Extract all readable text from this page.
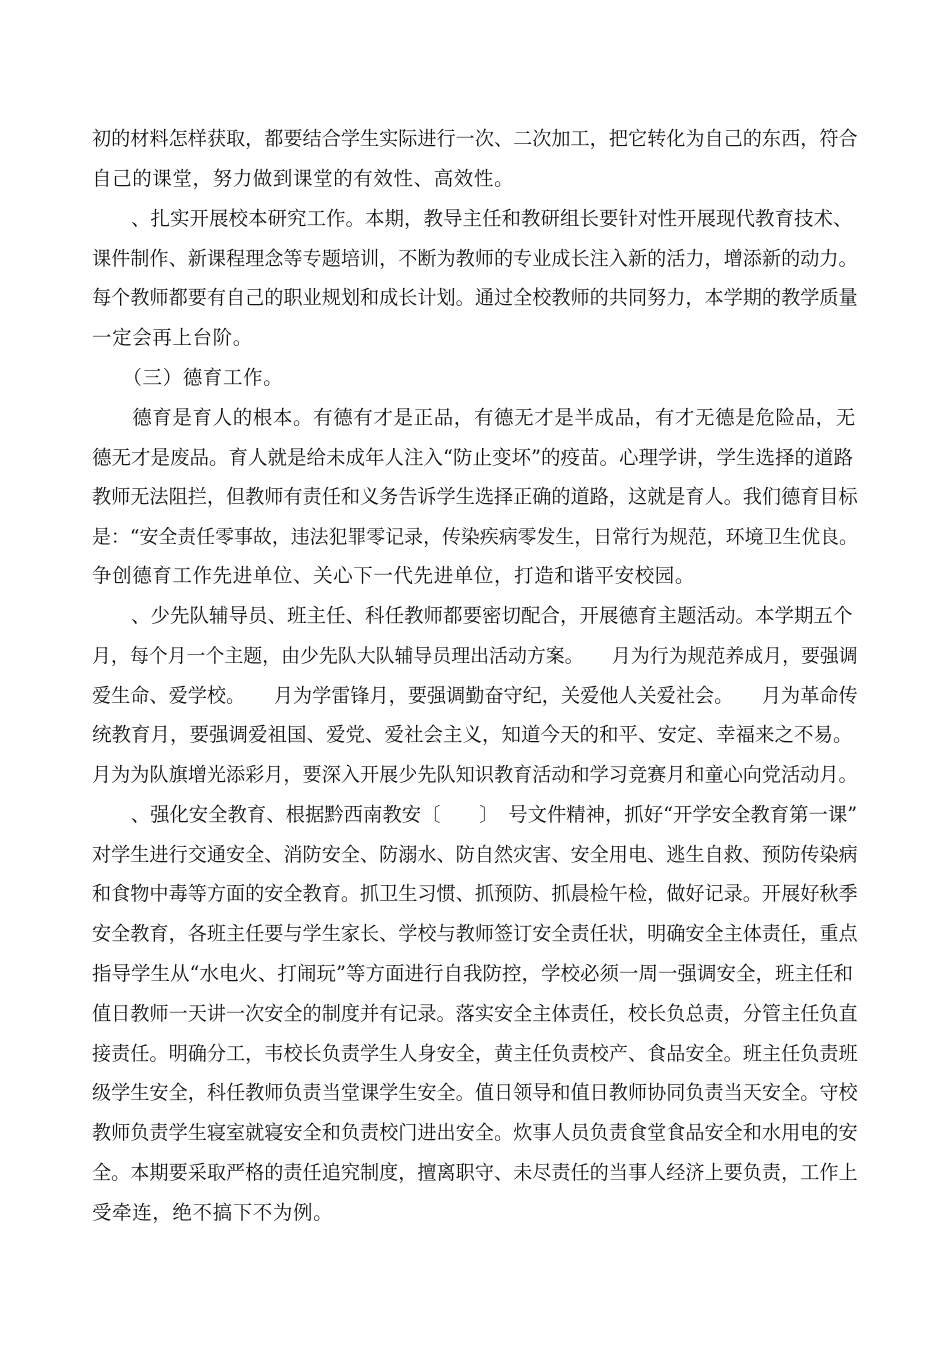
初的材料怎样获取，都要结合学生实际进行一次、二次加工，把它转化为自己的东西，符合
自己的课堂，努力做到课堂的有效性、高效性。
　　、扎实开展校本研究工作。本期，教导主任和教研组长要针对性开展现代教育技术、
课件制作、新课程理念等专题培训，不断为教师的专业成长注入新的活力，增添新的动力。
每个教师都要有自己的职业规划和成长计划。通过全校教师的共同努力，本学期的教学质量
一定会再上台阶。
　　（三）德育工作。
　　德育是育人的根本。有德有才是正品，有德无才是半成品，有才无德是危险品，无
德无才是废品。育人就是给未成年人注入“防止变坏”的疫苗。心理学讲，学生选择的道路
教师无法阻拦，但教师有责任和义务告诉学生选择正确的道路，这就是育人。我们德育目标
是：“安全责任零事故，违法犯罪零记录，传染疾病零发生，日常行为规范，环境卫生优良。
争创德育工作先进单位、关心下一代先进单位，打造和谐平安校园。
　　、少先队辅导员、班主任、科任教师都要密切配合，开展德育主题活动。本学期五个
月，每个月一个主题，由少先队大队辅导员理出活动方案。　　月为行为规范养成月，要强调
爱生命、爱学校。　　月为学雷锋月，要强调勤奋守纪，关爱他人关爱社会。　　月为革命传
统教育月，要强调爱祖国、爱党、爱社会主义，知道今天的和平、安定、幸福来之不易。
月为为队旗增光添彩月，要深入开展少先队知识教育活动和学习竞赛月和童心向党活动月。
　　、强化安全教育、根据黔西南教安〔　　〕　号文件精神，抓好“开学安全教育第一课”
对学生进行交通安全、消防安全、防溺水、防自然灾害、安全用电、逃生自救、预防传染病
和食物中毒等方面的安全教育。抓卫生习惯、抓预防、抓晨检午检，做好记录。开展好秋季
安全教育，各班主任要与学生家长、学校与教师签订安全责任状，明确安全主体责任，重点
指导学生从“水电火、打闹玩”等方面进行自我防控，学校必须一周一强调安全，班主任和
值日教师一天讲一次安全的制度并有记录。落实安全主体责任，校长负总责，分管主任负直
接责任。明确分工，韦校长负责学生人身安全，黄主任负责校产、食品安全。班主任负责班
级学生安全，科任教师负责当堂课学生安全。值日领导和值日教师协同负责当天安全。守校
教师负责学生寝室就寝安全和负责校门进出安全。炊事人员负责食堂食品安全和水用电的安
全。本期要采取严格的责任追究制度，擅离职守、未尽责任的当事人经济上要负责，工作上
受牵连，绝不搞下不为例。
